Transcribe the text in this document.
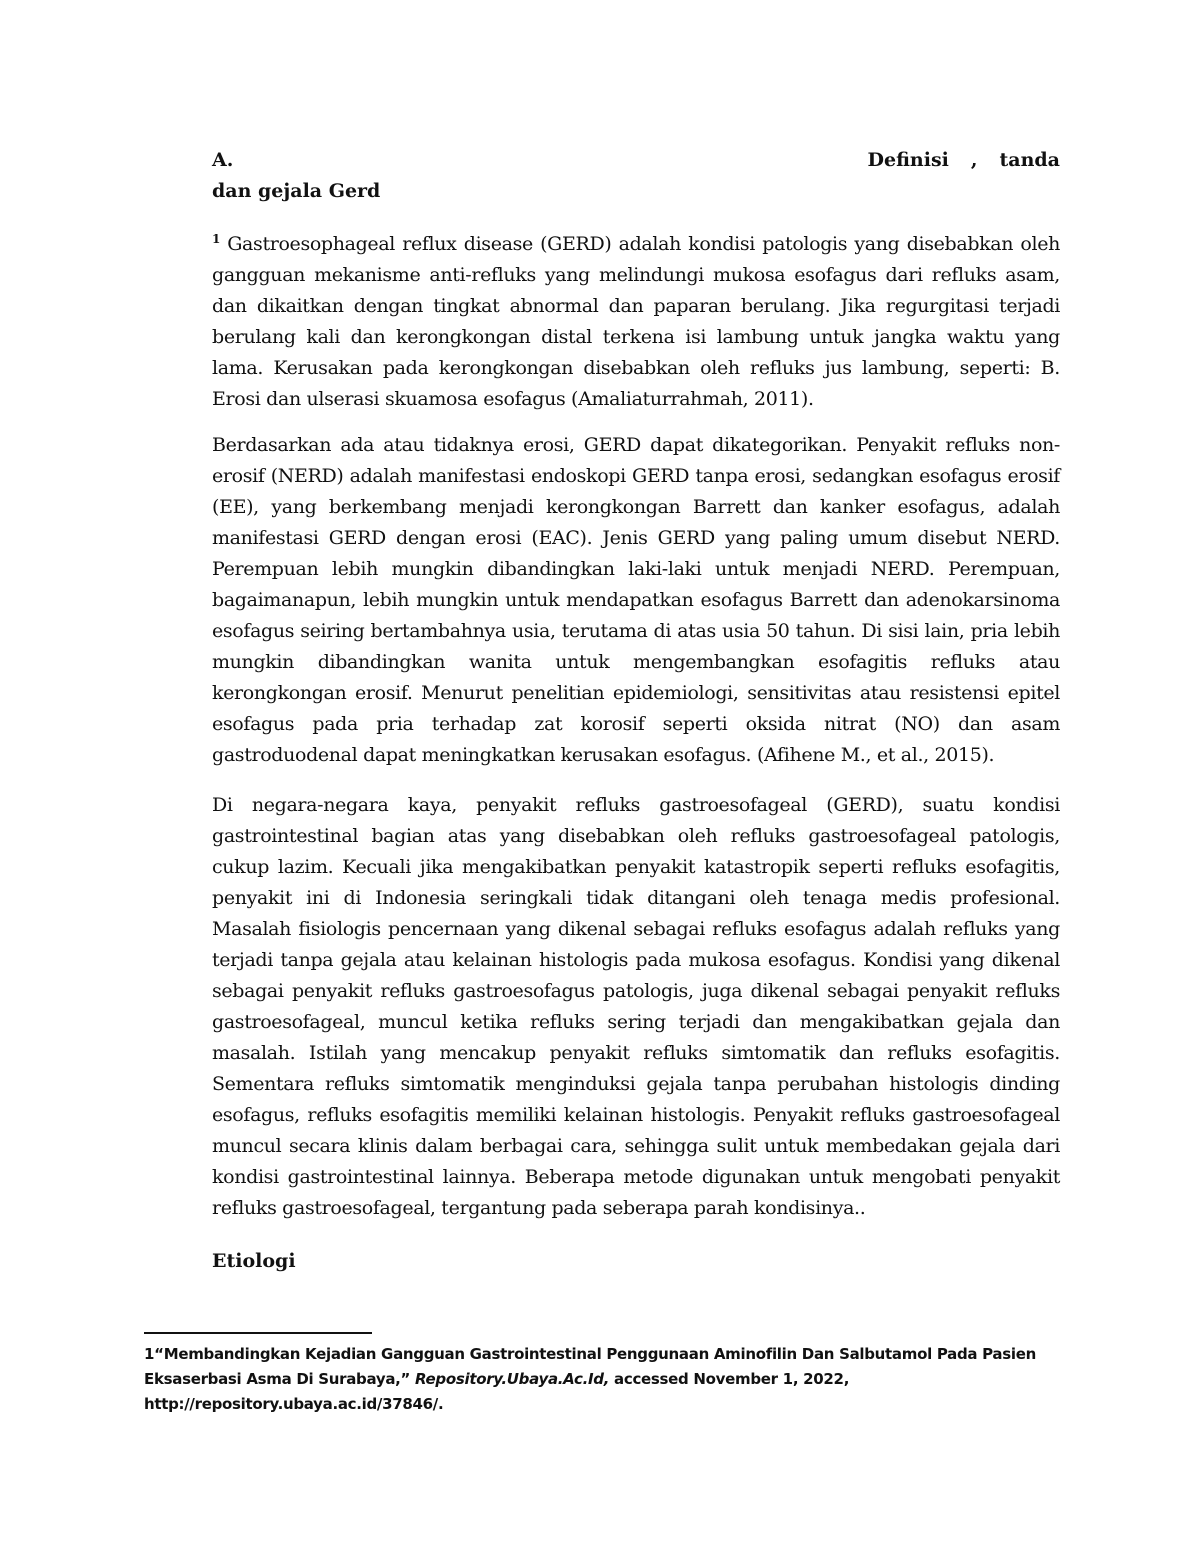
A.	Definisi , tanda
dan gejala Gerd

$^1$ Gastroesophageal reflux disease (GERD) adalah kondisi patologis yang disebabkan oleh gangguan mekanisme anti-refluks yang melindungi mukosa esofagus dari refluks asam, dan dikaitkan dengan tingkat abnormal dan paparan berulang. Jika regurgitasi terjadi berulang kali dan kerongkongan distal terkena isi lambung untuk jangka waktu yang lama. Kerusakan pada kerongkongan disebabkan oleh refluks jus lambung, seperti: B. Erosi dan ulserasi skuamosa esofagus (Amaliaturrahmah, 2011).

Berdasarkan ada atau tidaknya erosi, GERD dapat dikategorikan. Penyakit refluks non-erosif (NERD) adalah manifestasi endoskopi GERD tanpa erosi, sedangkan esofagus erosif (EE), yang berkembang menjadi kerongkongan Barrett dan kanker esofagus, adalah manifestasi GERD dengan erosi (EAC). Jenis GERD yang paling umum disebut NERD. Perempuan lebih mungkin dibandingkan laki-laki untuk menjadi NERD. Perempuan, bagaimanapun, lebih mungkin untuk mendapatkan esofagus Barrett dan adenokarsinoma esofagus seiring bertambahnya usia, terutama di atas usia 50 tahun. Di sisi lain, pria lebih mungkin dibandingkan wanita untuk mengembangkan esofagitis refluks atau kerongkongan erosif. Menurut penelitian epidemiologi, sensitivitas atau resistensi epitel esofagus pada pria terhadap zat korosif seperti oksida nitrat (NO) dan asam gastroduodenal dapat meningkatkan kerusakan esofagus. (Afihene M., et al., 2015).

Di negara-negara kaya, penyakit refluks gastroesofageal (GERD), suatu kondisi gastrointestinal bagian atas yang disebabkan oleh refluks gastroesofageal patologis, cukup lazim. Kecuali jika mengakibatkan penyakit katastropik seperti refluks esofagitis, penyakit ini di Indonesia seringkali tidak ditangani oleh tenaga medis profesional. Masalah fisiologis pencernaan yang dikenal sebagai refluks esofagus adalah refluks yang terjadi tanpa gejala atau kelainan histologis pada mukosa esofagus. Kondisi yang dikenal sebagai penyakit refluks gastroesofagus patologis, juga dikenal sebagai penyakit refluks gastroesofageal, muncul ketika refluks sering terjadi dan mengakibatkan gejala dan masalah. Istilah yang mencakup penyakit refluks simtomatik dan refluks esofagitis. Sementara refluks simtomatik menginduksi gejala tanpa perubahan histologis dinding esofagus, refluks esofagitis memiliki kelainan histologis. Penyakit refluks gastroesofageal muncul secara klinis dalam berbagai cara, sehingga sulit untuk membedakan gejala dari kondisi gastrointestinal lainnya. Beberapa metode digunakan untuk mengobati penyakit refluks gastroesofageal, tergantung pada seberapa parah kondisinya..

Etiologi

1“Membandingkan Kejadian Gangguan Gastrointestinal Penggunaan Aminofilin Dan Salbutamol Pada Pasien Eksaserbasi Asma Di Surabaya,” Repository.Ubaya.Ac.Id, accessed November 1, 2022, http://repository.ubaya.ac.id/37846/.
